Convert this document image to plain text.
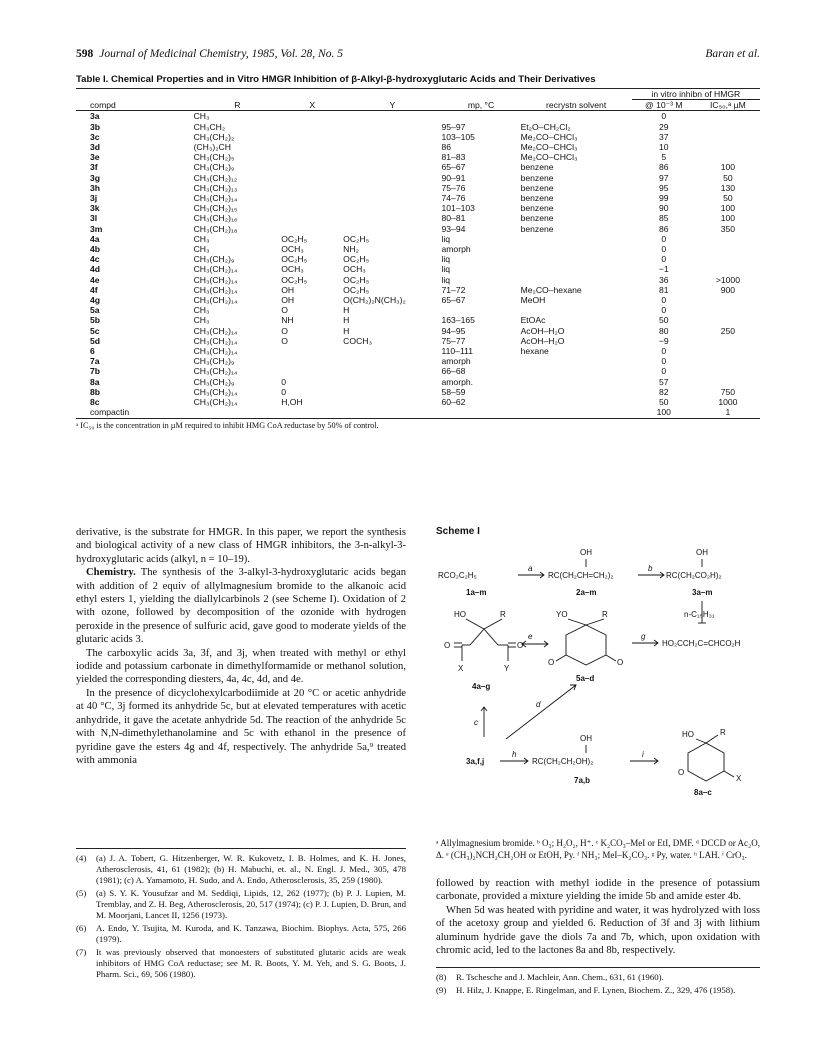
598 Journal of Medicinal Chemistry, 1985, Vol. 28, No. 5	Baran et al.
Table I. Chemical Properties and in Vitro HMGR Inhibition of β-Alkyl-β-hydroxyglutaric Acids and Their Derivatives
						in vitro inhibn of HMGR	
compd	R	X	Y	mp, °C	recrystn solvent	@ 10⁻³ M	IC₅₀,ᵃ µM
3a	CH₃					0	
3b	CH₃CH₂			95–97	Et₂O–CH₂Cl₂	29	
3c	CH₃(CH₂)₂			103–105	Me₂CO–CHCl₃	37	
3d	(CH₃)₂CH			86	Me₂CO–CHCl₃	10	
3e	CH₃(CH₂)₅			81–83	Me₂CO–CHCl₃	5	
3f	CH₃(CH₂)₉			65–67	benzene	86	100
3g	CH₃(CH₂)₁₂			90–91	benzene	97	50
3h	CH₃(CH₂)₁₃			75–76	benzene	95	130
3j	CH₃(CH₂)₁₄			74–76	benzene	99	50
3k	CH₃(CH₂)₁₅			101–103	benzene	90	100
3l	CH₃(CH₂)₁₆			80–81	benzene	85	100
3m	CH₃(CH₂)₁₈			93–94	benzene	86	350
4a	CH₃	OC₂H₅	OC₂H₅	liq		0	
4b	CH₃	OCH₃	NH₂	amorph		0	
4c	CH₃(CH₂)₉	OC₂H₅	OC₂H₅	liq		0	
4d	CH₃(CH₂)₁₄	OCH₃	OCH₃	liq		−1	
4e	CH₃(CH₂)₁₄	OC₂H₅	OC₂H₅	liq		36	>1000
4f	CH₃(CH₂)₁₄	OH	OC₂H₅	71–72	Me₂CO–hexane	81	900
4g	CH₃(CH₂)₁₄	OH	O(CH₂)₂N(CH₃)₂	65–67	MeOH	0	
5a	CH₃	O	H			0	
5b	CH₃	NH	H	163–165	EtOAc	50	
5c	CH₃(CH₂)₁₄	O	H	94–95	AcOH–H₂O	80	250
5d	CH₃(CH₂)₁₄	O	COCH₃	75–77	AcOH–H₂O	−9	
6	CH₃(CH₂)₁₄			110–111	hexane	0	
7a	CH₃(CH₂)₉			amorph		0	
7b	CH₃(CH₂)₁₄			66–68		0	
8a	CH₃(CH₂)₉	0		amorph.		57	
8b	CH₃(CH₂)₁₄	0		58–59		82	750
8c	CH₃(CH₂)₁₄	H,OH		60–62		50	1000
compactin						100	1
ᵃ IC₅₀ is the concentration in µM required to inhibit HMG CoA reductase by 50% of control.

derivative, is the substrate for HMGR. In this paper, we report the synthesis and biological activity of a new class of HMGR inhibitors, the 3-n-alkyl-3-hydroxyglutaric acids (alkyl, n = 10–19).

Chemistry. The synthesis of the 3-alkyl-3-hydroxyglutaric acids began with addition of 2 equiv of allylmagnesium bromide to the alkanoic acid ethyl esters 1, yielding the diallylcarbinols 2 (see Scheme I). Oxidation of 2 with ozone, followed by decomposition of the ozonide with hydrogen peroxide in the presence of sulfuric acid, gave good to moderate yields of the glutaric acids 3.

The carboxylic acids 3a, 3f, and 3j, when treated with methyl or ethyl iodide and potassium carbonate in dimethylformamide or methanol solution, yielded the corresponding diesters, 4a, 4c, 4d, and 4e.

In the presence of dicyclohexylcarbodiimide at 20 °C or acetic anhydride at 40 °C, 3j formed its anhydride 5c, but at elevated temperatures with acetic anhydride, it gave the acetate anhydride 5d. The reaction of the anhydride 5c with N,N-dimethylethanolamine and 5c with ethanol in the presence of pyridine gave the esters 4g and 4f, respectively. The anhydride 5a,⁹ treated with ammonia

(4)	(a) J. A. Tobert, G. Hitzenberger, W. R. Kukovetz, I. B. Holmes, and K. H. Jones, Atherosclerosis, 41, 61 (1982); (b) H. Mabuchi, et. al., N. Engl. J. Med., 305, 478 (1981); (c) A. Yamamoto, H. Sudo, and A. Endo, Atherosclerosis, 35, 259 (1980).
(5)	(a) S. Y. K. Yousufzar and M. Seddiqi, Lipids, 12, 262 (1977); (b) P. J. Lupien, M. Tremblay, and Z. H. Beg, Atherosclerosis, 20, 517 (1974); (c) P. J. Lupien, D. Brun, and M. Moorjani, Lancet II, 1256 (1973).
(6)	A. Endo, Y. Tsujita, M. Kuroda, and K. Tanzawa, Biochim. Biophys. Acta, 575, 266 (1979).
(7)	It was previously observed that monoesters of substituted glutaric acids are weak inhibitors of HMG CoA reductase; see M. R. Boots, Y. M. Yeh, and S. G. Boots, J. Pharm. Sci., 69, 506 (1980).
Scheme I
OH	OH
RCO₂C₂H₅	RC(CH₂CH=CH₂)₂	RC(CH₂CO₂H)₂
1a–m	2a–m	3a–m
a	b
n-C₁₅H₃₁
HO	R
O	O
X	Y
4a–g
e
YO	R
O	O
5a–d
g
HO₂CCH₂C=CHCO₂H
c
d
OH
3a,f,j
h
RC(CH₂CH₂OH)₂
7a,b
i
HO	R
O
X
8a–c
ᵃ Allylmagnesium bromide. ᵇ O₃; H₂O₂, H⁺. ᶜ K₂CO₃–MeI or EtI, DMF. ᵈ DCCD or Ac₂O, Δ. ᵉ (CH₃)₂NCH₂CH₂OH or EtOH, Py. ᶠ NH₃; MeI–K₂CO₃. ᵍ Py, water. ʰ LAH. ⁱ CrO₃.

followed by reaction with methyl iodide in the presence of potassium carbonate, provided a mixture yielding the imide 5b and amide ester 4b.

When 5d was heated with pyridine and water, it was hydrolyzed with loss of the acetoxy group and yielded 6. Reduction of 3f and 3j with lithium aluminum hydride gave the diols 7a and 7b, which, upon oxidation with chromic acid, led to the lactones 8a and 8b, respectively.

(8)	R. Tschesche and J. Machleir, Ann. Chem., 631, 61 (1960).
(9)	H. Hilz, J. Knappe, E. Ringelman, and F. Lynen, Biochem. Z., 329, 476 (1958).
